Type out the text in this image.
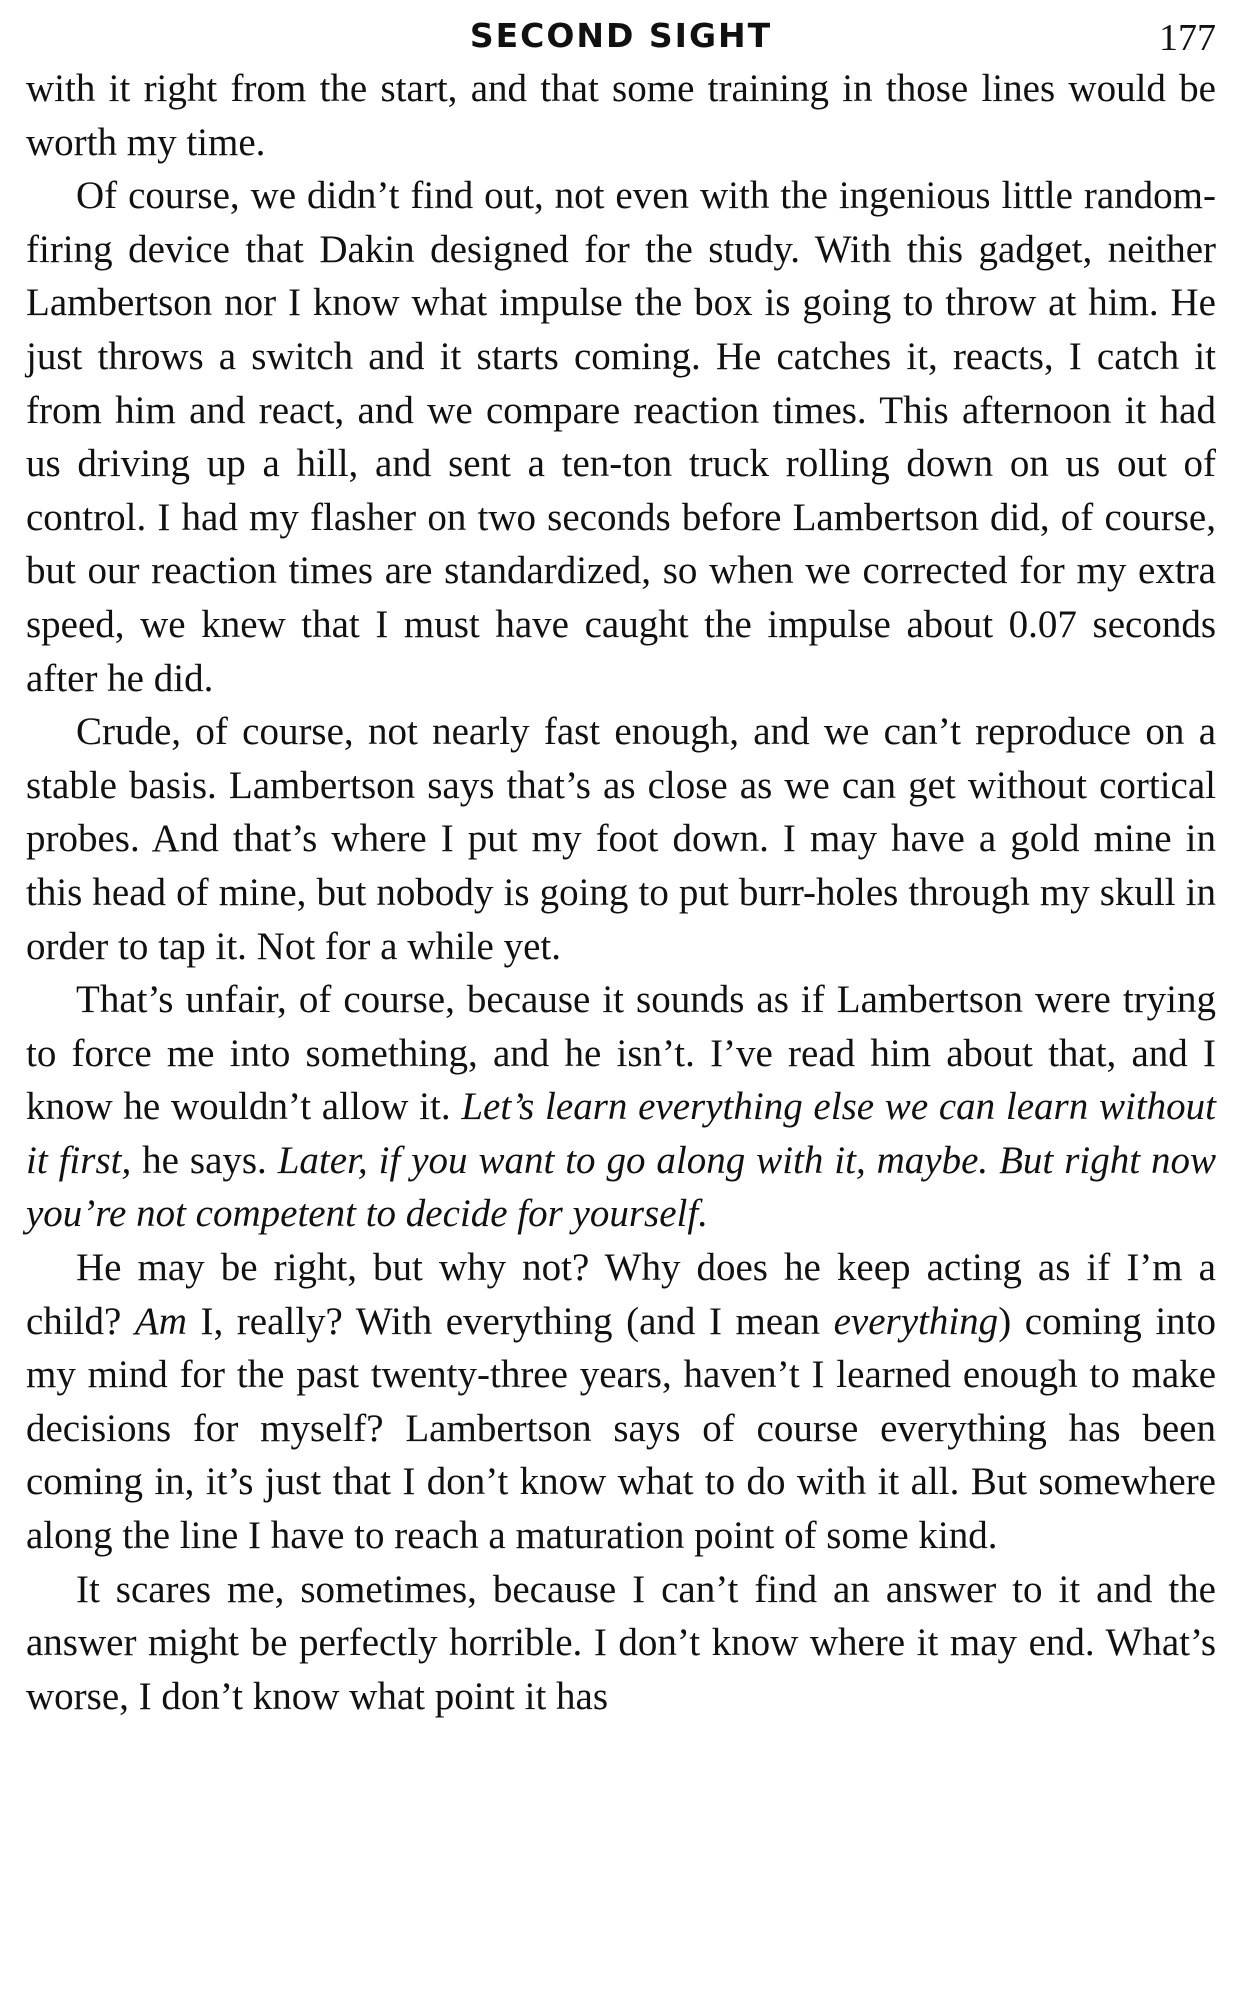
SECOND SIGHT	177

with it right from the start, and that some training in those lines would be worth my time.

Of course, we didn’t find out, not even with the ingenious little random-firing device that Dakin designed for the study. With this gadget, neither Lambertson nor I know what impulse the box is going to throw at him. He just throws a switch and it starts coming. He catches it, reacts, I catch it from him and react, and we compare reaction times. This afternoon it had us driving up a hill, and sent a ten-ton truck rolling down on us out of control. I had my flasher on two seconds before Lambertson did, of course, but our reaction times are standardized, so when we corrected for my extra speed, we knew that I must have caught the impulse about 0.07 seconds after he did.

Crude, of course, not nearly fast enough, and we can’t reproduce on a stable basis. Lambertson says that’s as close as we can get without cortical probes. And that’s where I put my foot down. I may have a gold mine in this head of mine, but nobody is going to put burr-holes through my skull in order to tap it. Not for a while yet.

That’s unfair, of course, because it sounds as if Lambertson were trying to force me into something, and he isn’t. I’ve read him about that, and I know he wouldn’t allow it. Let’s learn everything else we can learn without it first, he says. Later, if you want to go along with it, maybe. But right now you’re not competent to decide for yourself.

He may be right, but why not? Why does he keep acting as if I’m a child? Am I, really? With everything (and I mean everything) coming into my mind for the past twenty-three years, haven’t I learned enough to make decisions for myself? Lambertson says of course everything has been coming in, it’s just that I don’t know what to do with it all. But somewhere along the line I have to reach a maturation point of some kind.

It scares me, sometimes, because I can’t find an answer to it and the answer might be perfectly horrible. I don’t know where it may end. What’s worse, I don’t know what point it has
